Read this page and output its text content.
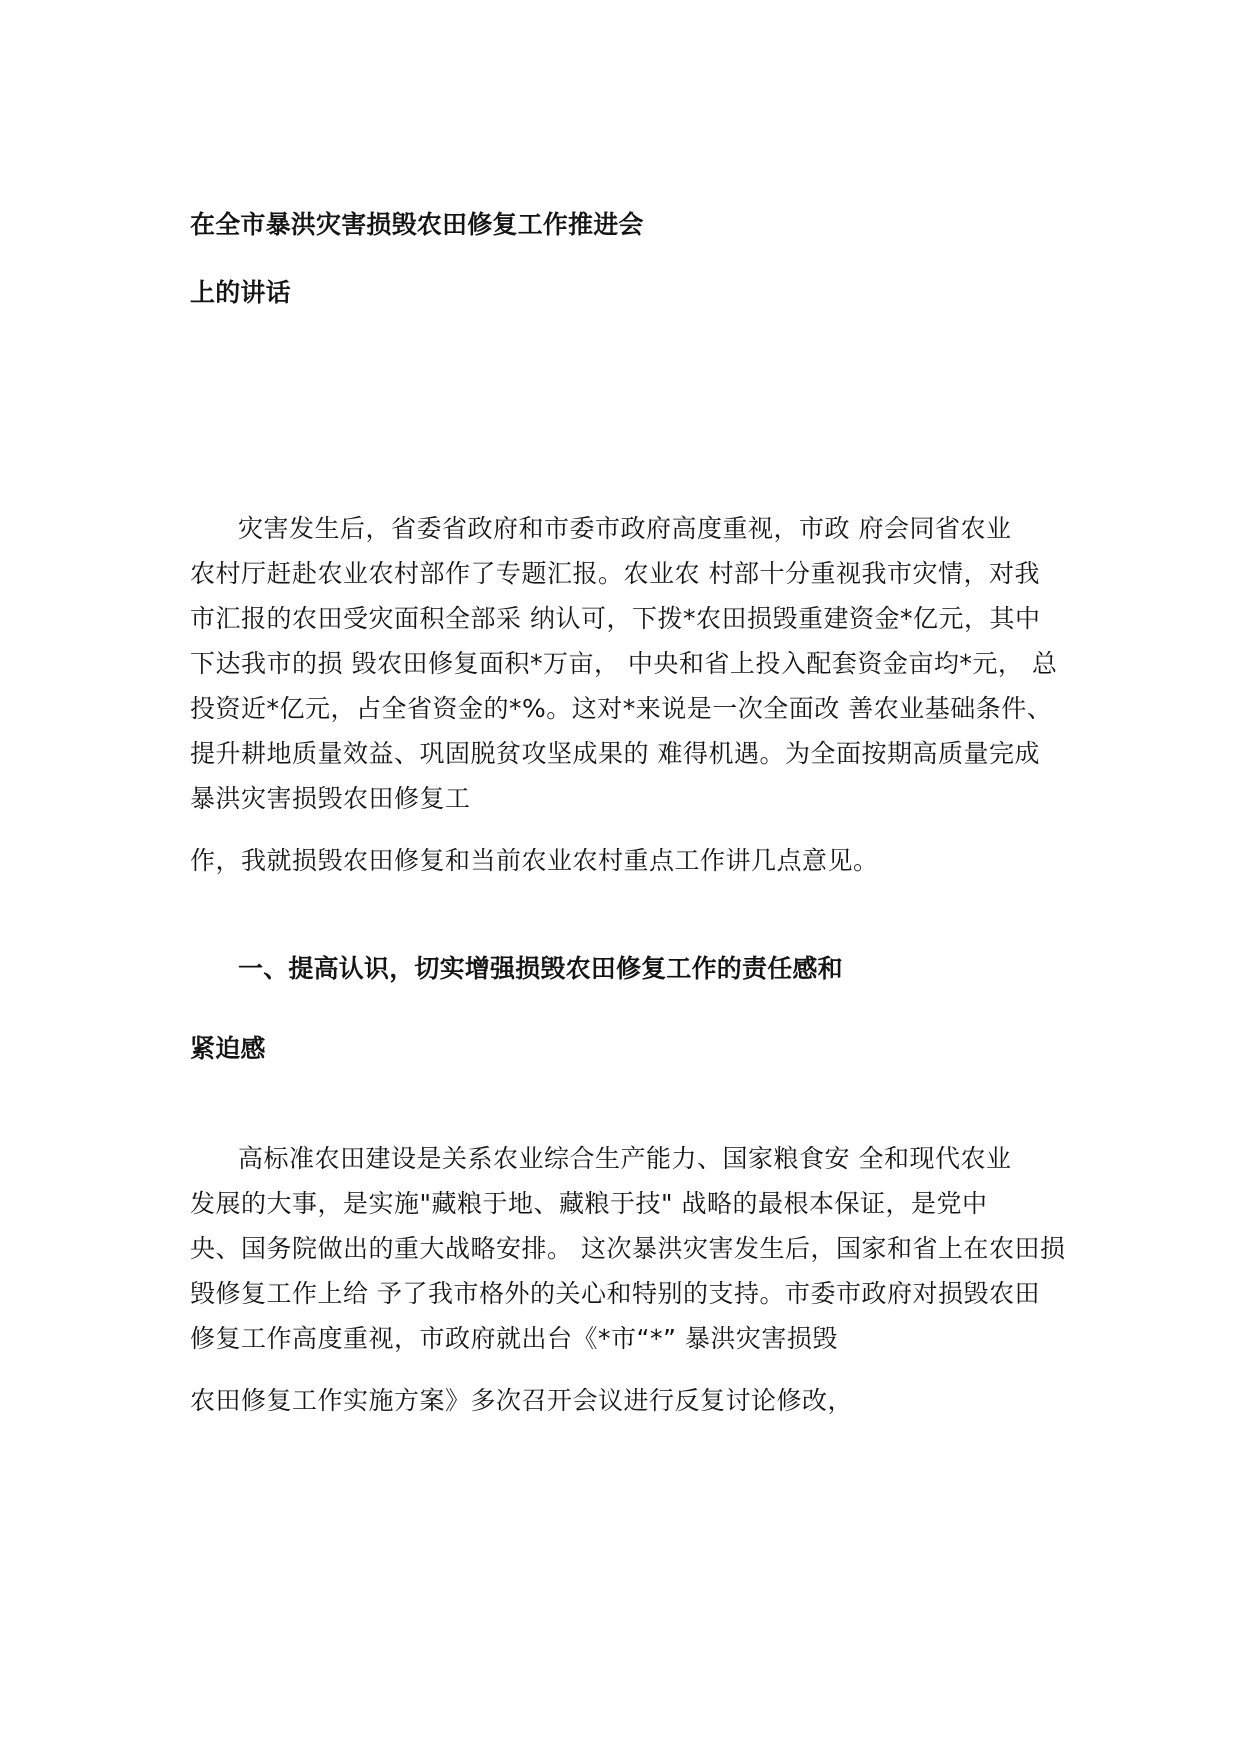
在全市暴洪灾害损毁农田修复工作推进会
上的讲话
灾害发生后，省委省政府和市委市政府高度重视，市政 府会同省农业
农村厅赶赴农业农村部作了专题汇报。农业农 村部十分重视我市灾情，对我
市汇报的农田受灾面积全部采 纳认可，下拨*农田损毁重建资金*亿元，其中
下达我市的损 毁农田修复面积*万亩， 中央和省上投入配套资金亩均*元， 总
投资近*亿元，占全省资金的*%。这对*来说是一次全面改 善农业基础条件、
提升耕地质量效益、巩固脱贫攻坚成果的 难得机遇。为全面按期高质量完成
暴洪灾害损毁农田修复工
作，我就损毁农田修复和当前农业农村重点工作讲几点意见。
一、提高认识，切实增强损毁农田修复工作的责任感和
紧迫感
高标准农田建设是关系农业综合生产能力、国家粮食安 全和现代农业
发展的大事，是实施"藏粮于地、藏粮于技" 战略的最根本保证，是党中
央、国务院做出的重大战略安排。 这次暴洪灾害发生后，国家和省上在农田损
毁修复工作上给 予了我市格外的关心和特别的支持。市委市政府对损毁农田
修复工作高度重视，市政府就出台《*市“*” 暴洪灾害损毁
农田修复工作实施方案》多次召开会议进行反复讨论修改，
